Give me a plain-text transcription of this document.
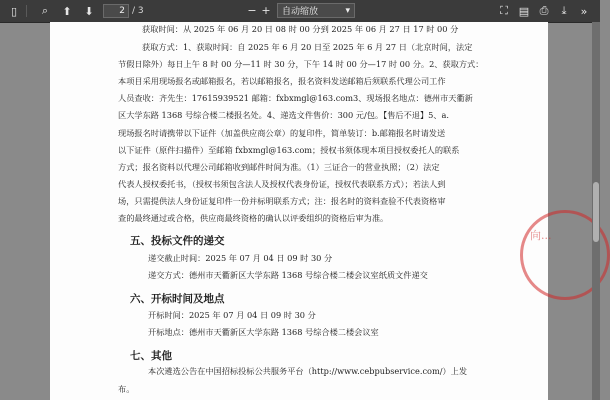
▯	⌕	⬆	⬇
2	/ 3	− + 自动缩放	▾	⛶ ▤ ⎙	⤓	»
向...
获取时间：从 2025 年 06 月 20 日 08 时 00 分到 2025 年 06 月 27 日 17 时 00 分
获取方式：1、获取时间：自 2025 年 6 月 20 日至 2025 年 6 月 27 日（北京时间，法定
节假日除外）每日上午 8 时 00 分—11 时 30 分，下午 14 时 00 分—17 时 00 分。2、获取方式：
本项目采用现场报名或邮箱报名，若以邮箱报名，报名资料发送邮箱后须联系代理公司工作
人员查收：齐先生：17615939521 邮箱：fxbxmgl@163.com3、现场报名地点：德州市天衢新
区大学东路 1368 号综合楼二楼报名处。4、递选文件售价：300 元/包。【售后不退】5、a.
现场报名时请携带以下证件（加盖供应商公章）的复印件，简单装订：b.邮箱报名时请发送
以下证件（原件扫描件）至邮箱 fxbxmgl@163.com；授权书须体现本项目授权委托人的联系
方式；报名资料以代理公司邮箱收到邮件时间为准。（1）三证合一的营业执照；（2）法定
代表人授权委托书，（授权书须包含法人及授权代表身份证，授权代表联系方式）；若法人到
场，只需提供法人身份证复印件一份并标明联系方式；注：报名时的资料查验不代表资格审
查的最终通过或合格，供应商最终资格的确认以评委组织的资格后审为准。
五、投标文件的递交
递交截止时间：2025 年 07 月 04 日 09 时 30 分
递交方式：德州市天衢新区大学东路 1368 号综合楼二楼会议室纸质文件递交
六、开标时间及地点
开标时间：2025 年 07 月 04 日 09 时 30 分
开标地点：德州市天衢新区大学东路 1368 号综合楼二楼会议室
七、其他
本次遴选公告在中国招标投标公共服务平台（http://www.cebpubservice.com/）上发
布。
